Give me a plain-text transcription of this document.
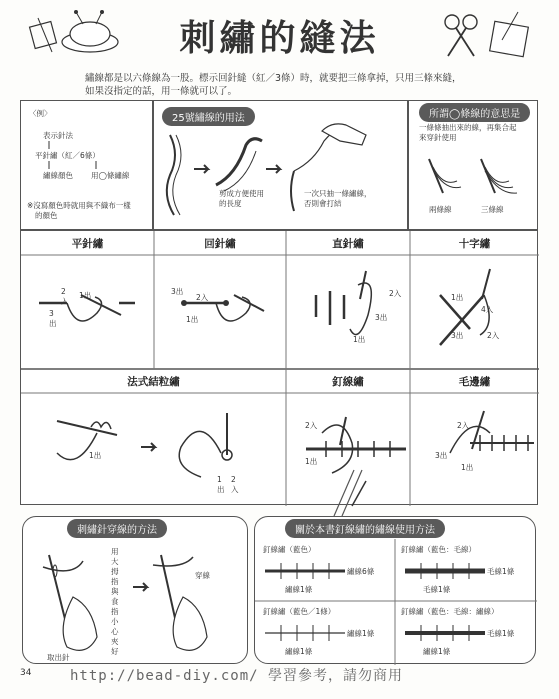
刺繡的縫法
繡線都是以六條線為一股。標示回針縫（紅／3條）時，就要把三條拿掉，只用三條來縫，
如果沒指定的話，用一條就可以了。
〈例〉
表示針法
平針繡（紅／6條）
繡線顏色 用◯條繡線
※沒寫顏色時就用與不織布一樣
的顏色
25號繡線的用法
剪成方便使用
的長度
一次只抽一條繡線，
否則會打結
所謂◯條線的意思是
一條條抽出來的線，再集合起
來穿針使用
兩條線	三條線
平針繡	回針繡	直針繡	十字繡
法式結粒繡	釘線繡	毛邊繡
2
入
1出
3
出
3出
2入
1出
2入
3出
1出
1出
4入
3出	2入
1出
1
出
2
入
2入
1出
2入
3出
1出
刺繡針穿線的方法
用大拇指與食指小心夾好
穿線
取出針
關於本書釘線繡的繡線使用方法
釘線繡（藍色）
繡線6條
繡線1條
釘線繡（藍色：毛線）
毛線1條
毛線1條
釘線繡（藍色／1條）
繡線1條
繡線1條
釘線繡（藍色：毛線：繡線）
毛線1條
繡線1條
34	http://bead-diy.com/ 學習參考，請勿商用
